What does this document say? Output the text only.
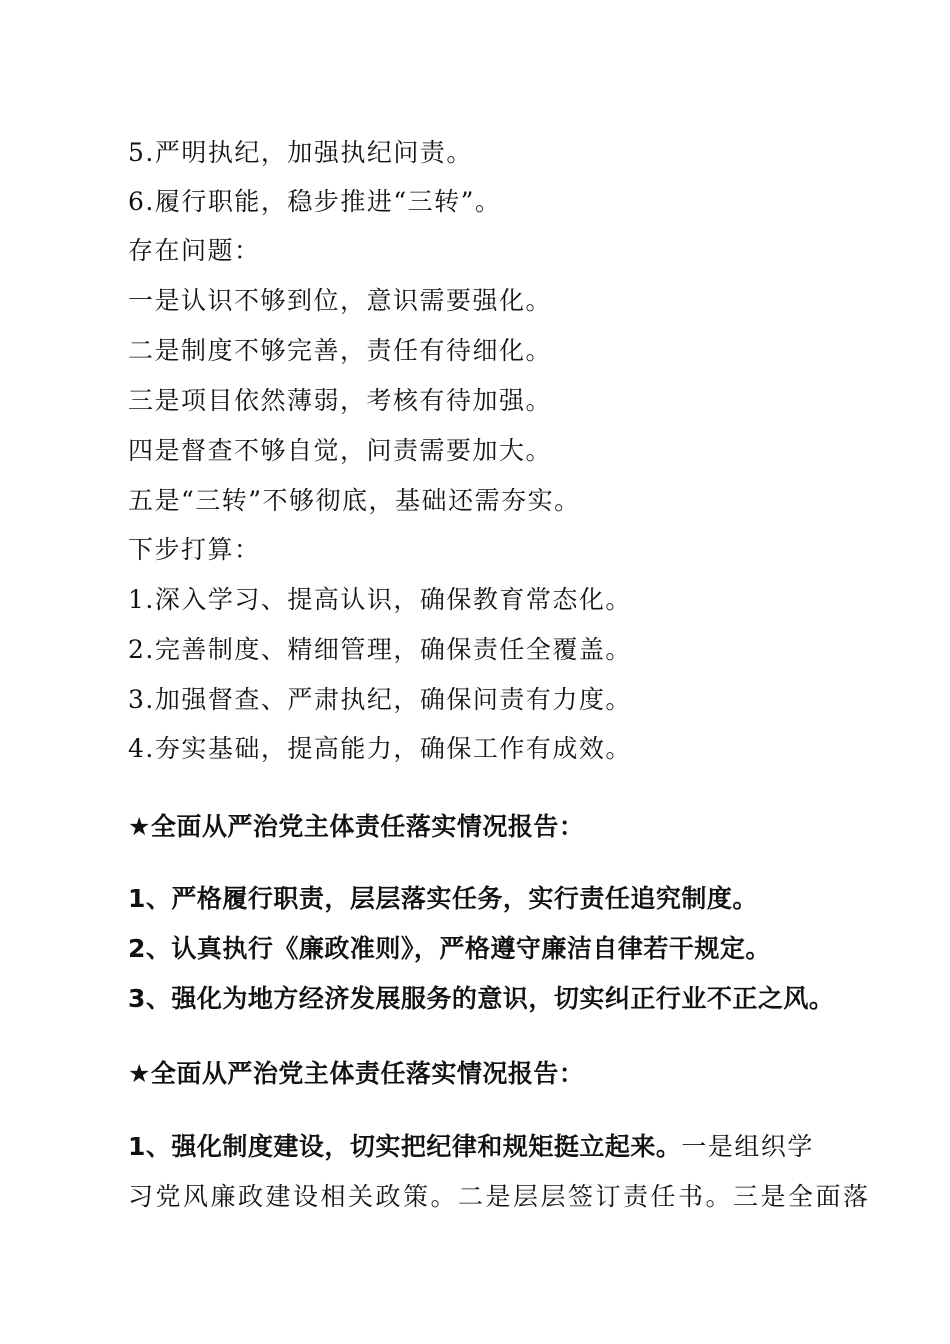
5.严明执纪，加强执纪问责。
6.履行职能，稳步推进“三转”。
存在问题：
一是认识不够到位，意识需要强化。
二是制度不够完善，责任有待细化。
三是项目依然薄弱，考核有待加强。
四是督查不够自觉，问责需要加大。
五是“三转”不够彻底，基础还需夯实。
下步打算：
1.深入学习、提高认识，确保教育常态化。
2.完善制度、精细管理，确保责任全覆盖。
3.加强督查、严肃执纪，确保问责有力度。
4.夯实基础，提高能力，确保工作有成效。
★全面从严治党主体责任落实情况报告：
1、严格履行职责，层层落实任务，实行责任追究制度。
2、认真执行《廉政准则》，严格遵守廉洁自律若干规定。
3、强化为地方经济发展服务的意识，切实纠正行业不正之风。
★全面从严治党主体责任落实情况报告：
1、强化制度建设，切实把纪律和规矩挺立起来。一是组织学
习党风廉政建设相关政策。二是层层签订责任书。三是全面落
